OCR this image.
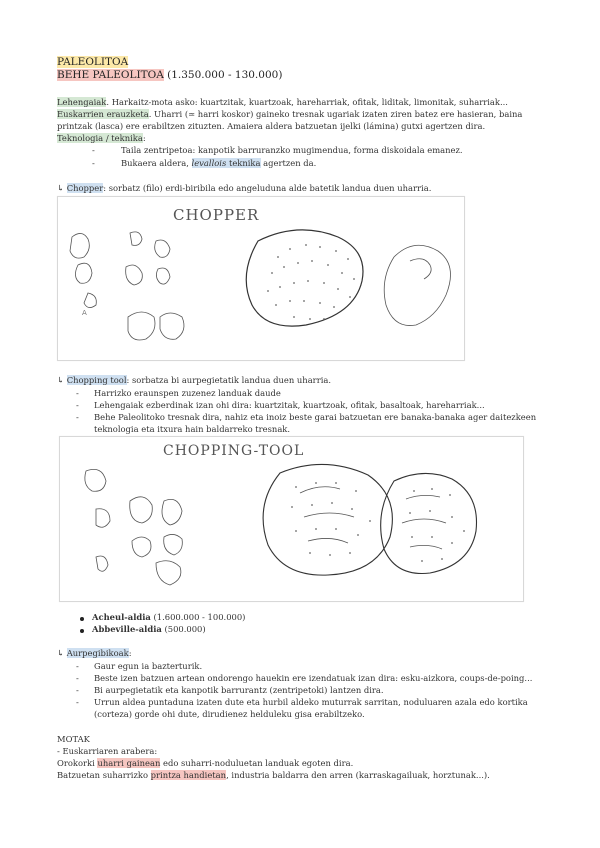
PALEOLITOA
BEHE PALEOLITOA (1.350.000 - 130.000)
Lehengaiak. Harkaitz-mota asko: kuartzitak, kuartzoak, hareharriak, ofitak, liditak, limonitak, suharriak...
Euskarrien erauzketa. Uharri (≃ harri koskor) gaineko tresnak ugariak izaten ziren batez ere hasieran, baina
printzak (lasca) ere erabiltzen zituzten. Amaiera aldera batzuetan ijelki (lámina) gutxi agertzen dira.
Teknologia / teknika:
-	Taila zentripetoa: kanpotik barruranzko mugimendua, forma diskoidala emanez.
-	Bukaera aldera, levallois teknika agertzen da.
↳ Chopper: sorbatz (filo) erdi-biribila edo angeluduna alde batetik landua duen uharria.
CHOPPER
A
↳ Chopping tool: sorbatza bi aurpegietatik landua duen uharria.
- Harrizko eraunspen zuzenez landuak daude
- Lehengaiak ezberdinak izan ohi dira: kuartzitak, kuartzoak, ofitak, basaltoak, hareharriak...
- Behe Paleolitoko tresnak dira, nahiz eta inoiz beste garai batzuetan ere banaka-banaka ager daitezkeen
teknologia eta itxura hain baldarreko tresnak.
CHOPPING-TOOL
Acheul-aldia (1.600.000 - 100.000)
Abbeville-aldia (500.000)
↳ Aurpegibikoak:
- Gaur egun ia bazterturik.
- Beste izen batzuen artean ondorengo hauekin ere izendatuak izan dira: esku-aizkora, coups-de-poing...
- Bi aurpegietatik eta kanpotik barrurantz (zentripetoki) lantzen dira.
- Urrun aldea puntaduna izaten dute eta hurbil aldeko muturrak sarritan, noduluaren azala edo kortika
(corteza) gorde ohi dute, dirudienez helduleku gisa erabiltzeko.
MOTAK
- Euskarriaren arabera:
Orokorki uharri gainean edo suharri-noduluetan landuak egoten dira.
Batzuetan suharrizko printza handietan, industria baldarra den arren (karraskagailuak, horztunak...).
